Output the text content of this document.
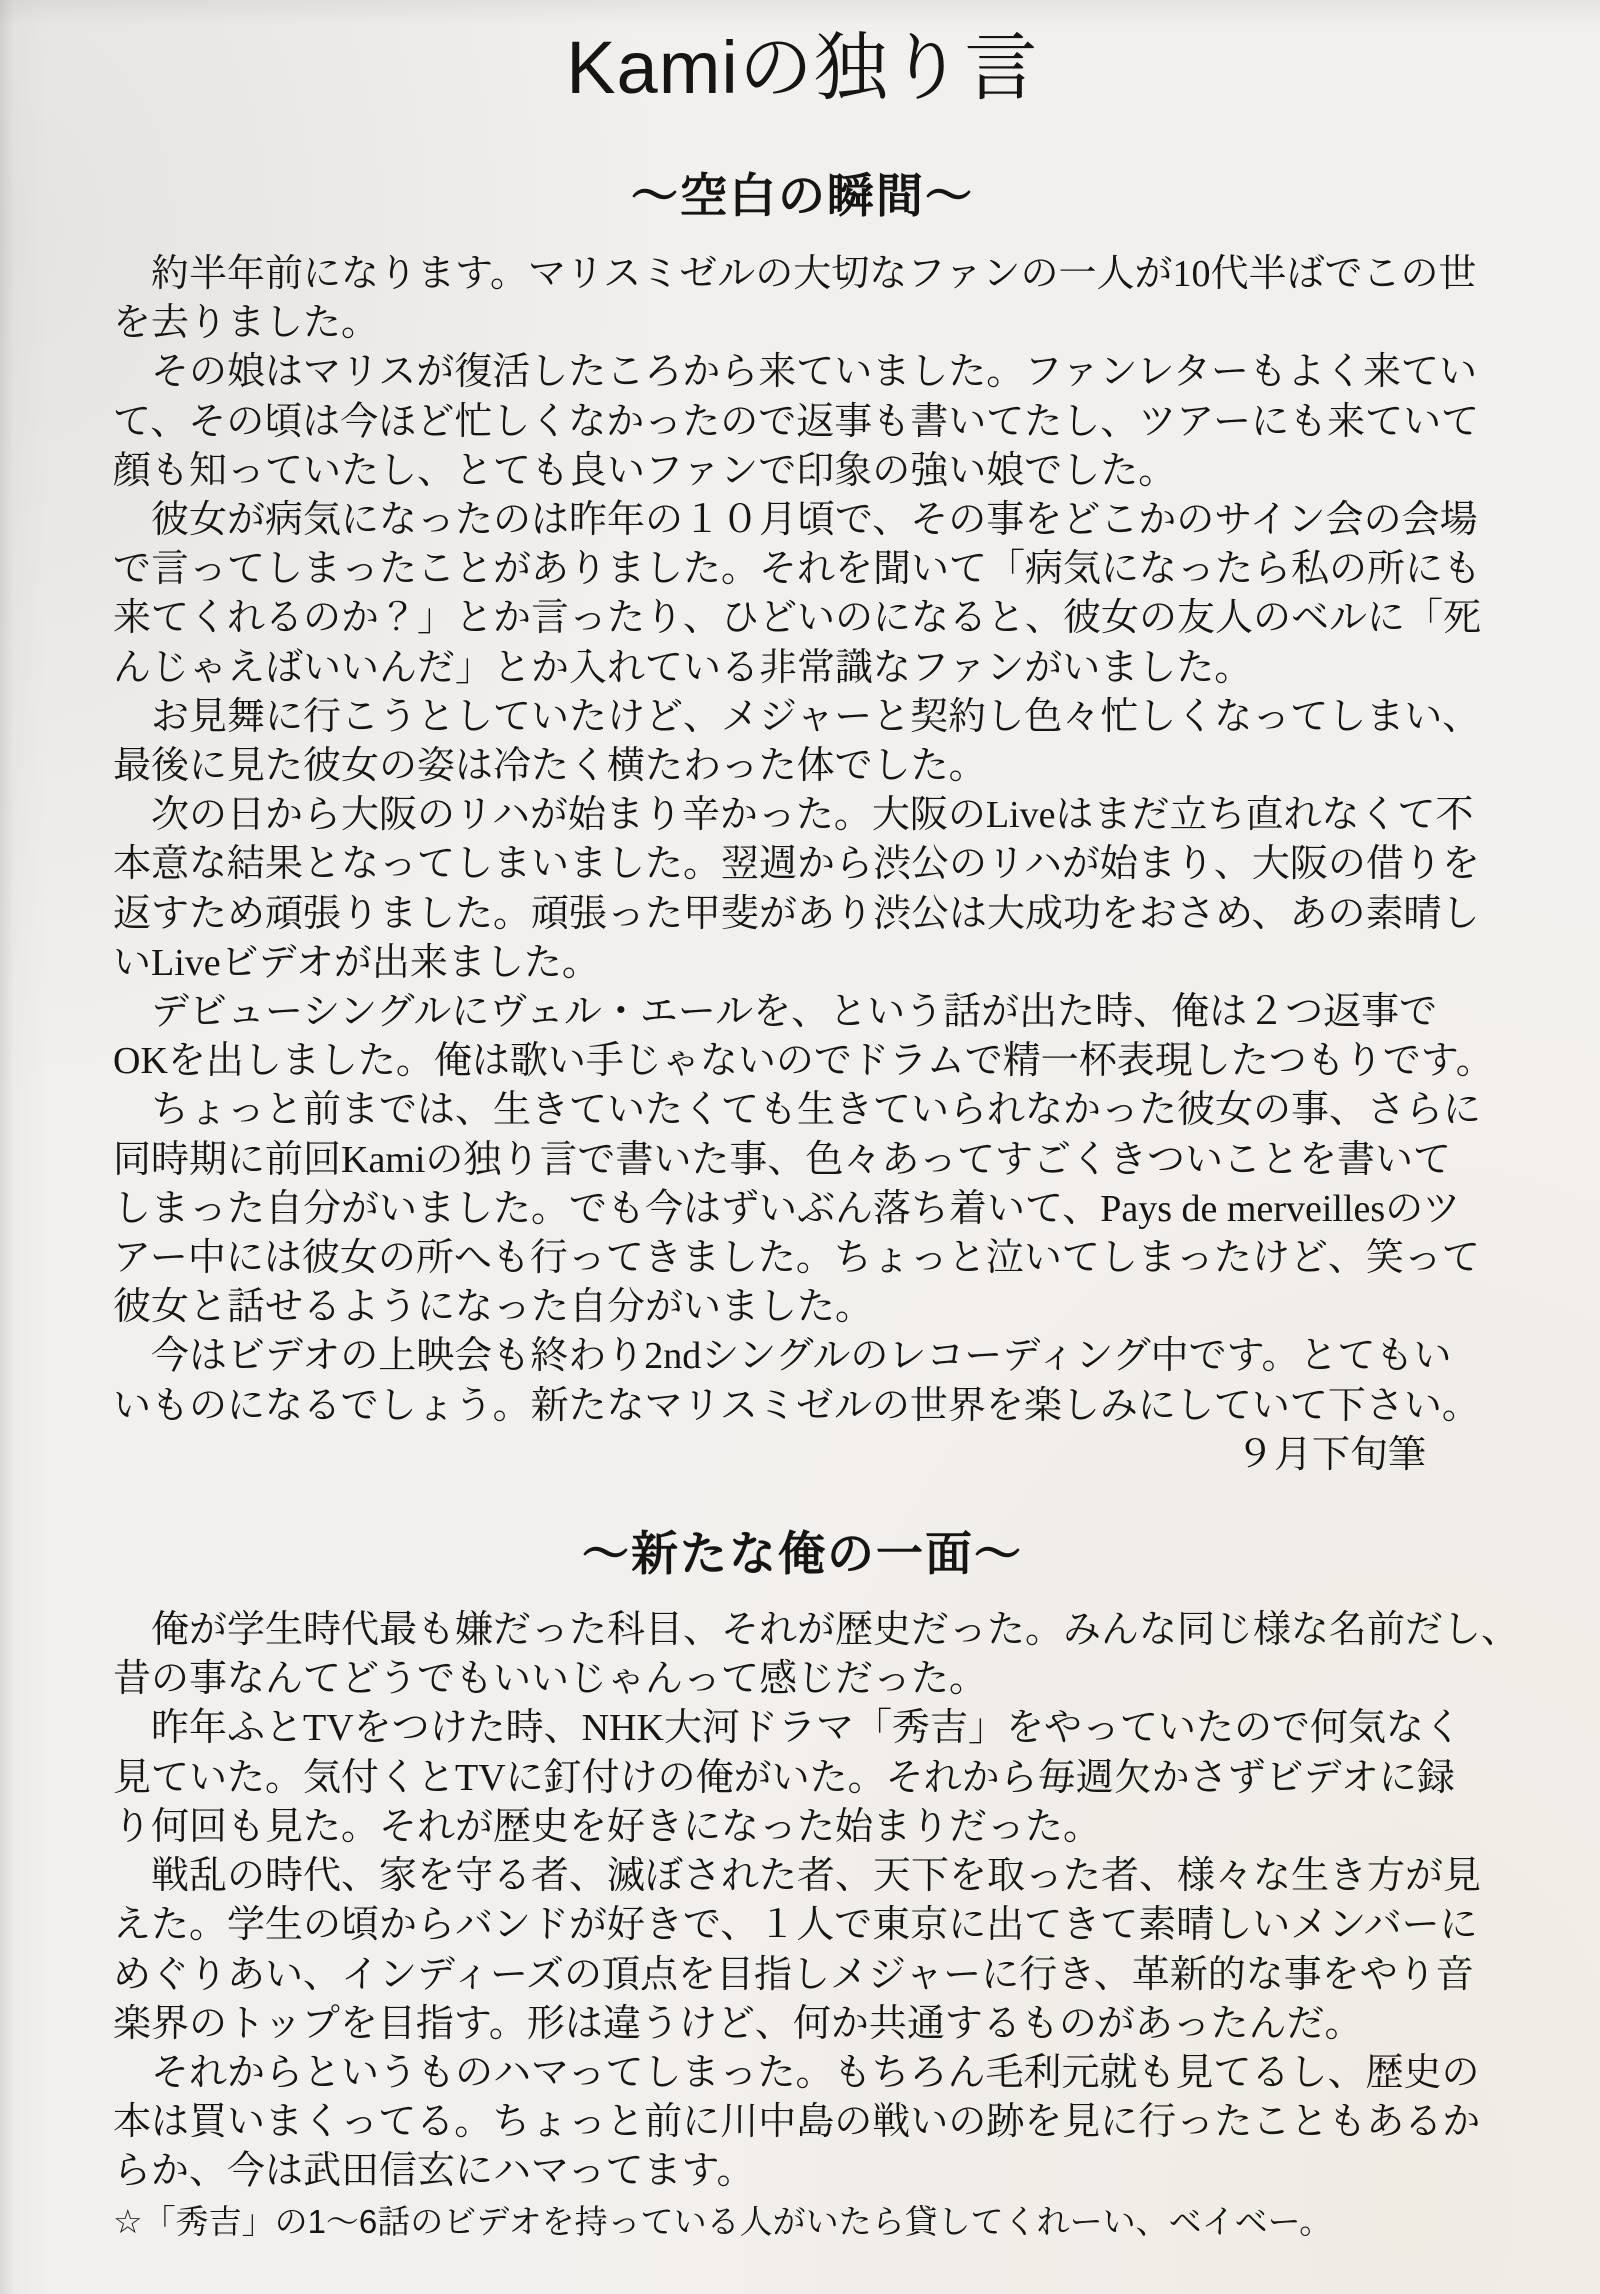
Kamiの独り言
～空白の瞬間～
　約半年前になります。マリスミゼルの大切なファンの一人が10代半ばでこの世
を去りました。
　その娘はマリスが復活したころから来ていました。ファンレターもよく来てい
て、その頃は今ほど忙しくなかったので返事も書いてたし、ツアーにも来ていて
顔も知っていたし、とても良いファンで印象の強い娘でした。
　彼女が病気になったのは昨年の１０月頃で、その事をどこかのサイン会の会場
で言ってしまったことがありました。それを聞いて「病気になったら私の所にも
来てくれるのか？」とか言ったり、ひどいのになると、彼女の友人のベルに「死
んじゃえばいいんだ」とか入れている非常識なファンがいました。
　お見舞に行こうとしていたけど、メジャーと契約し色々忙しくなってしまい、
最後に見た彼女の姿は冷たく横たわった体でした。
　次の日から大阪のリハが始まり辛かった。大阪のLiveはまだ立ち直れなくて不
本意な結果となってしまいました。翌週から渋公のリハが始まり、大阪の借りを
返すため頑張りました。頑張った甲斐があり渋公は大成功をおさめ、あの素晴し
いLiveビデオが出来ました。
　デビューシングルにヴェル・エールを、という話が出た時、俺は２つ返事で
OKを出しました。俺は歌い手じゃないのでドラムで精一杯表現したつもりです。
　ちょっと前までは、生きていたくても生きていられなかった彼女の事、さらに
同時期に前回Kamiの独り言で書いた事、色々あってすごくきついことを書いて
しまった自分がいました。でも今はずいぶん落ち着いて、Pays de merveillesのツ
アー中には彼女の所へも行ってきました。ちょっと泣いてしまったけど、笑って
彼女と話せるようになった自分がいました。
　今はビデオの上映会も終わり2ndシングルのレコーディング中です。とてもい
いものになるでしょう。新たなマリスミゼルの世界を楽しみにしていて下さい。
９月下旬筆
～新たな俺の一面～
　俺が学生時代最も嫌だった科目、それが歴史だった。みんな同じ様な名前だし、
昔の事なんてどうでもいいじゃんって感じだった。
　昨年ふとTVをつけた時、NHK大河ドラマ「秀吉」をやっていたので何気なく
見ていた。気付くとTVに釘付けの俺がいた。それから毎週欠かさずビデオに録
り何回も見た。それが歴史を好きになった始まりだった。
　戦乱の時代、家を守る者、滅ぼされた者、天下を取った者、様々な生き方が見
えた。学生の頃からバンドが好きで、１人で東京に出てきて素晴しいメンバーに
めぐりあい、インディーズの頂点を目指しメジャーに行き、革新的な事をやり音
楽界のトップを目指す。形は違うけど、何か共通するものがあったんだ。
　それからというものハマってしまった。もちろん毛利元就も見てるし、歴史の
本は買いまくってる。ちょっと前に川中島の戦いの跡を見に行ったこともあるか
らか、今は武田信玄にハマってます。
☆「秀吉」の1～6話のビデオを持っている人がいたら貸してくれーい、ベイベー。
